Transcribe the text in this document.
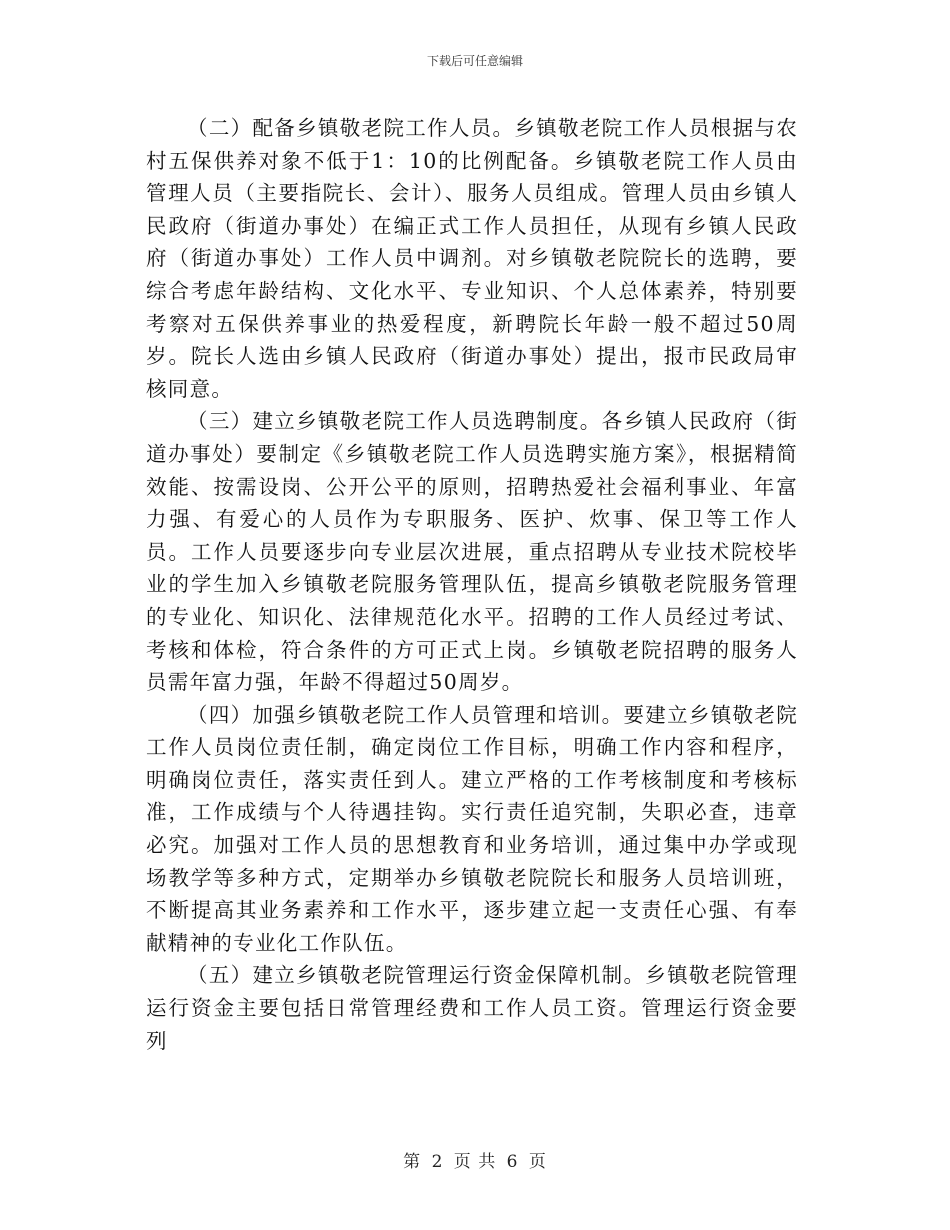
下载后可任意编辑

（二）配备乡镇敬老院工作人员。乡镇敬老院工作人员根据与农村五保供养对象不低于1：10的比例配备。乡镇敬老院工作人员由管理人员（主要指院长、会计）、服务人员组成。管理人员由乡镇人民政府（街道办事处）在编正式工作人员担任，从现有乡镇人民政府（街道办事处）工作人员中调剂。对乡镇敬老院院长的选聘，要综合考虑年龄结构、文化水平、专业知识、个人总体素养，特别要考察对五保供养事业的热爱程度，新聘院长年龄一般不超过50周岁。院长人选由乡镇人民政府（街道办事处）提出，报市民政局审核同意。

（三）建立乡镇敬老院工作人员选聘制度。各乡镇人民政府（街道办事处）要制定《乡镇敬老院工作人员选聘实施方案》，根据精简效能、按需设岗、公开公平的原则，招聘热爱社会福利事业、年富力强、有爱心的人员作为专职服务、医护、炊事、保卫等工作人员。工作人员要逐步向专业层次进展，重点招聘从专业技术院校毕业的学生加入乡镇敬老院服务管理队伍，提高乡镇敬老院服务管理的专业化、知识化、法律规范化水平。招聘的工作人员经过考试、考核和体检，符合条件的方可正式上岗。乡镇敬老院招聘的服务人员需年富力强，年龄不得超过50周岁。

（四）加强乡镇敬老院工作人员管理和培训。要建立乡镇敬老院工作人员岗位责任制，确定岗位工作目标，明确工作内容和程序，明确岗位责任，落实责任到人。建立严格的工作考核制度和考核标准，工作成绩与个人待遇挂钩。实行责任追究制，失职必查，违章必究。加强对工作人员的思想教育和业务培训，通过集中办学或现场教学等多种方式，定期举办乡镇敬老院院长和服务人员培训班，不断提高其业务素养和工作水平，逐步建立起一支责任心强、有奉献精神的专业化工作队伍。

（五）建立乡镇敬老院管理运行资金保障机制。乡镇敬老院管理运行资金主要包括日常管理经费和工作人员工资。管理运行资金要列

第 2 页 共 6 页
